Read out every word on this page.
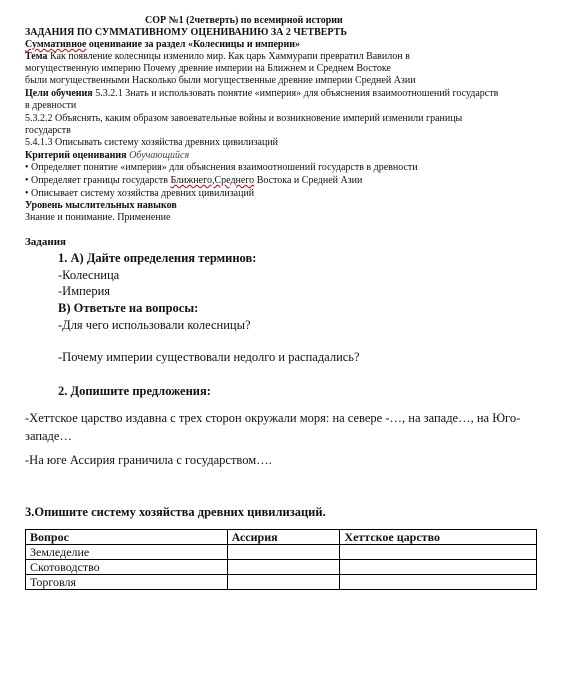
СОР №1 (2четверть) по всемирной истории
ЗАДАНИЯ ПО СУММАТИВНОМУ ОЦЕНИВАНИЮ ЗА 2 ЧЕТВЕРТЬ
Суммативное оценивание за раздел «Колесницы и империи»
Тема Как появление колесницы изменило мир. Как царь Хаммурапи превратил Вавилон в
могущественную империю Почему древние империи на Ближнем и Среднем Востоке
были могущественными Насколько были могущественные древние империи Средней Азии
Цели обучения 5.3.2.1 Знать и использовать понятие «империя» для объяснения взаимоотношений государств
в древности
5.3.2.2 Объяснять, каким образом завоевательные войны и возникновение империй изменили границы
государств
5.4.1.3 Описывать систему хозяйства древних цивилизаций
Критерий оценивания Обучающийся
• Определяет понятие «империя» для объяснения взаимоотношений государств в древности
• Определяет границы государств Ближнего,Среднего Востока и Средней Азии
• Описывает систему хозяйства древних цивилизаций
Уровень мыслительных навыков
Знание и понимание. Применение
Задания
1. А) Дайте определения терминов:
-Колесница
-Империя
В) Ответьте на вопросы:
-Для чего использовали колесницы?
-Почему империи существовали недолго и распадались?
2. Допишите предложения:
-Хеттское царство издавна с трех сторон окружали моря: на севере -…, на западе…, на Юго-
западе…
-На юге Ассирия граничила с государством….
3.Опишите систему хозяйства древних цивилизаций.
Вопрос	Ассирия	Хеттское царство
Земледелие		
Скотоводство		
Торговля		
